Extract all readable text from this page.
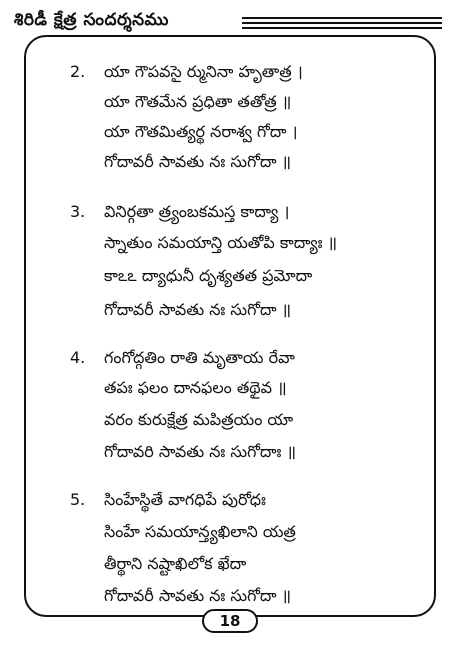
శిరిడీ క్షేత్ర సందర్శనము
2. యా గౌపవసై ర్మునినా హృతాత్ర ।
యా గౌతమేన ప్రధితా తతోత్ర ॥
యా గౌతమిత్యర్థ నరాశ్వ గోదా ।
గోదావరీ సావతు నః సుగోదా ॥
3. వినిర్గతా త్ర్యంబకమస్త కాద్యా ।
స్నాతుం సమయాన్తి యతోపి కాద్యాః ॥
కాఽఽ ద్యాధునీ దృశ్యతత ప్రమోదా
గోదావరీ సావతు నః సుగోదా ॥
4. గంగోద్గతిం రాతి మృతాయ రేవా
తపః ఫలం దానఫలం తథైవ ॥
వరం కురుక్షేత్ర మపిత్రయం యా
గోదావరి సావతు నః సుగోదాః ॥
5. సింహేస్థితే వాగధిపే పురోధః
సింహే సమయాన్త్యఖిలాని యత్ర
తీర్థాని నష్టాఖిలోక ఖేదా
గోదావరీ సావతు నః సుగోదా ॥
18
